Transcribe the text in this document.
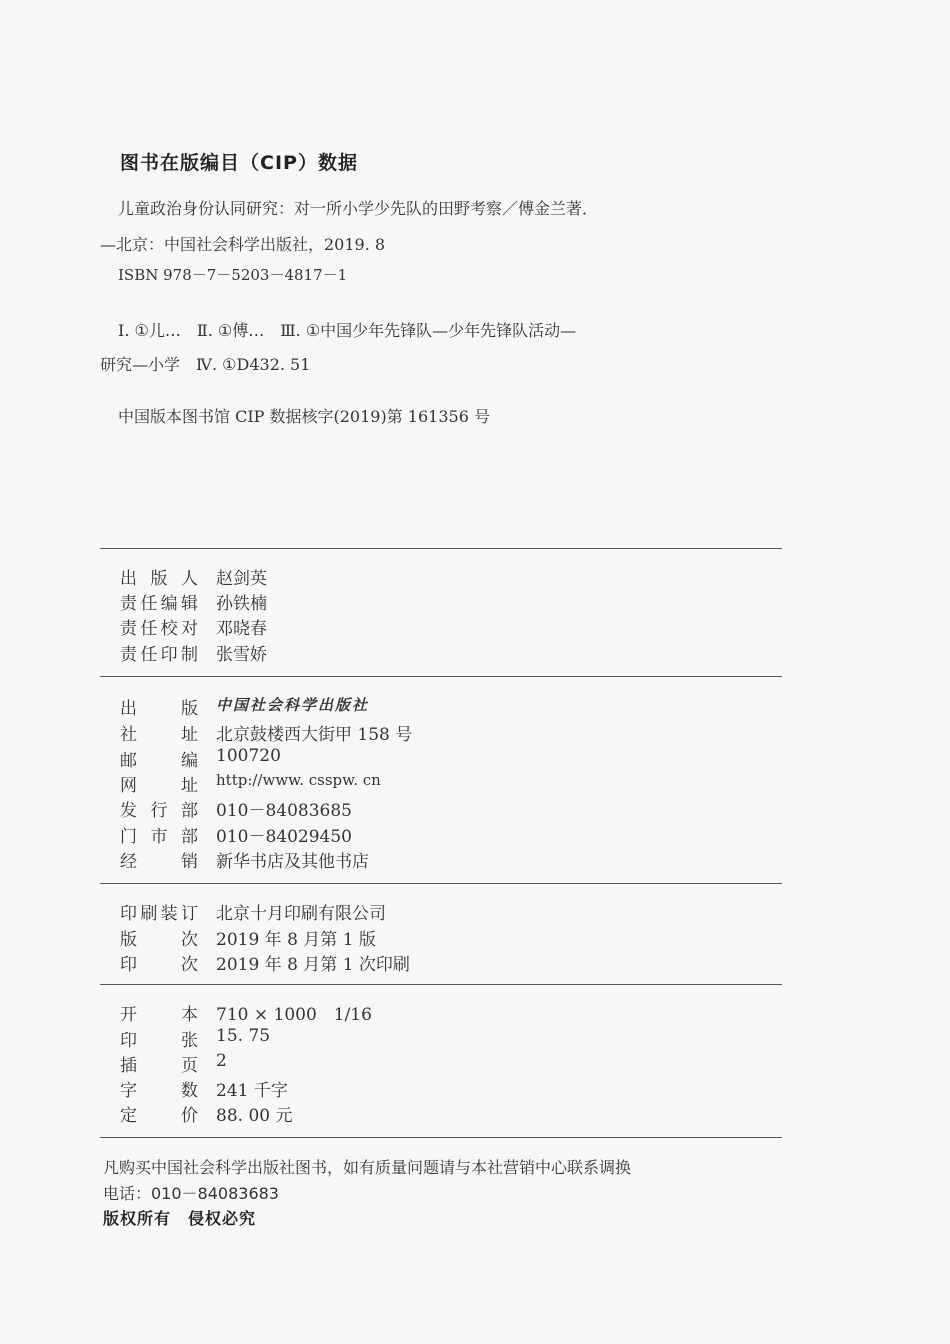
图书在版编目（CIP）数据
儿童政治身份认同研究：对一所小学少先队的田野考察／傅金兰著．
—北京：中国社会科学出版社，2019. 8
ISBN 978－7－5203－4817－1
Ⅰ. ①儿…　Ⅱ. ①傅…　Ⅲ. ①中国少年先锋队—少年先锋队活动—
研究—小学　Ⅳ. ①D432. 51
中国版本图书馆 CIP 数据核字(2019)第 161356 号
出版人 赵剑英
责任编辑 孙铁楠
责任校对 邓晓春
责任印制 张雪娇
出版 中国社会科学出版社
社址 北京鼓楼西大街甲 158 号
邮编 100720
网址 http://www. csspw. cn
发行部 010－84083685
门市部 010－84029450
经销 新华书店及其他书店
印刷装订 北京十月印刷有限公司
版次 2019 年 8 月第 1 版
印次 2019 年 8 月第 1 次印刷
开本 710 × 1000　1/16
印张 15. 75
插页 2
字数 241 千字
定价 88. 00 元
凡购买中国社会科学出版社图书，如有质量问题请与本社营销中心联系调换
电话：010－84083683
版权所有　侵权必究
